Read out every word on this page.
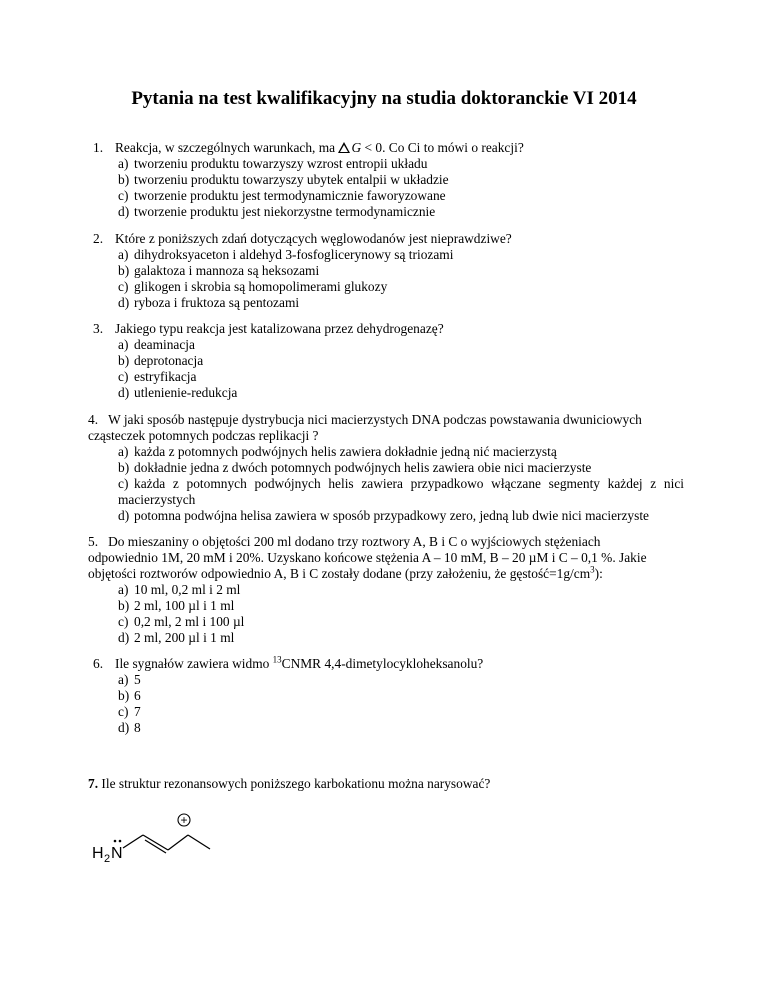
Pytania na test kwalifikacyjny na studia doktoranckie VI 2014

1. Reakcja, w szczególnych warunkach, ma G < 0. Co Ci to mówi o reakcji?

a) tworzeniu produktu towarzyszy wzrost entropii układu

b) tworzeniu produktu towarzyszy ubytek entalpii w układzie

c) tworzenie produktu jest termodynamicznie faworyzowane

d) tworzenie produktu jest niekorzystne termodynamicznie

2. Które z poniższych zdań dotyczących węglowodanów jest nieprawdziwe?

a) dihydroksyaceton i aldehyd 3-fosfoglicerynowy są triozami

b) galaktoza i mannoza są heksozami

c) glikogen i skrobia są homopolimerami glukozy

d) ryboza i fruktoza są pentozami

3. Jakiego typu reakcja jest katalizowana przez dehydrogenazę?

a) deaminacja

b) deprotonacja

c) estryfikacja

d) utlenienie-redukcja

4. W jaki sposób następuje dystrybucja nici macierzystych DNA podczas powstawania dwuniciowych

cząsteczek potomnych podczas replikacji ?

a) każda z potomnych podwójnych helis zawiera dokładnie jedną nić macierzystą

b) dokładnie jedna z dwóch potomnych podwójnych helis zawiera obie nici macierzyste

c) każda z potomnych podwójnych helis zawiera przypadkowo włączane segmenty każdej z nici macierzystych

d) potomna podwójna helisa zawiera w sposób przypadkowy zero, jedną lub dwie nici macierzyste

5. Do mieszaniny o objętości 200 ml dodano trzy roztwory A, B i C o wyjściowych stężeniach

odpowiednio 1M, 20 mM i 20%. Uzyskano końcowe stężenia A – 10 mM, B – 20 µM i C – 0,1 %. Jakie

objętości roztworów odpowiednio A, B i C zostały dodane (przy założeniu, że $gęstość=1g/cm^3$):

a) 10 ml, 0,2 ml i 2 ml

b) 2 ml, 100 µl i 1 ml

c) 0,2 ml, 2 ml i 100 µl

d) 2 ml, 200 µl i 1 ml

6. Ile sygnałów zawiera widmo $^{13}$CNMR 4,4-dimetylocykloheksanolu?

a) 5

b) 6

c) 7

d) 8

7. Ile struktur rezonansowych poniższego karbokationu można narysować?

H 2 N
+
